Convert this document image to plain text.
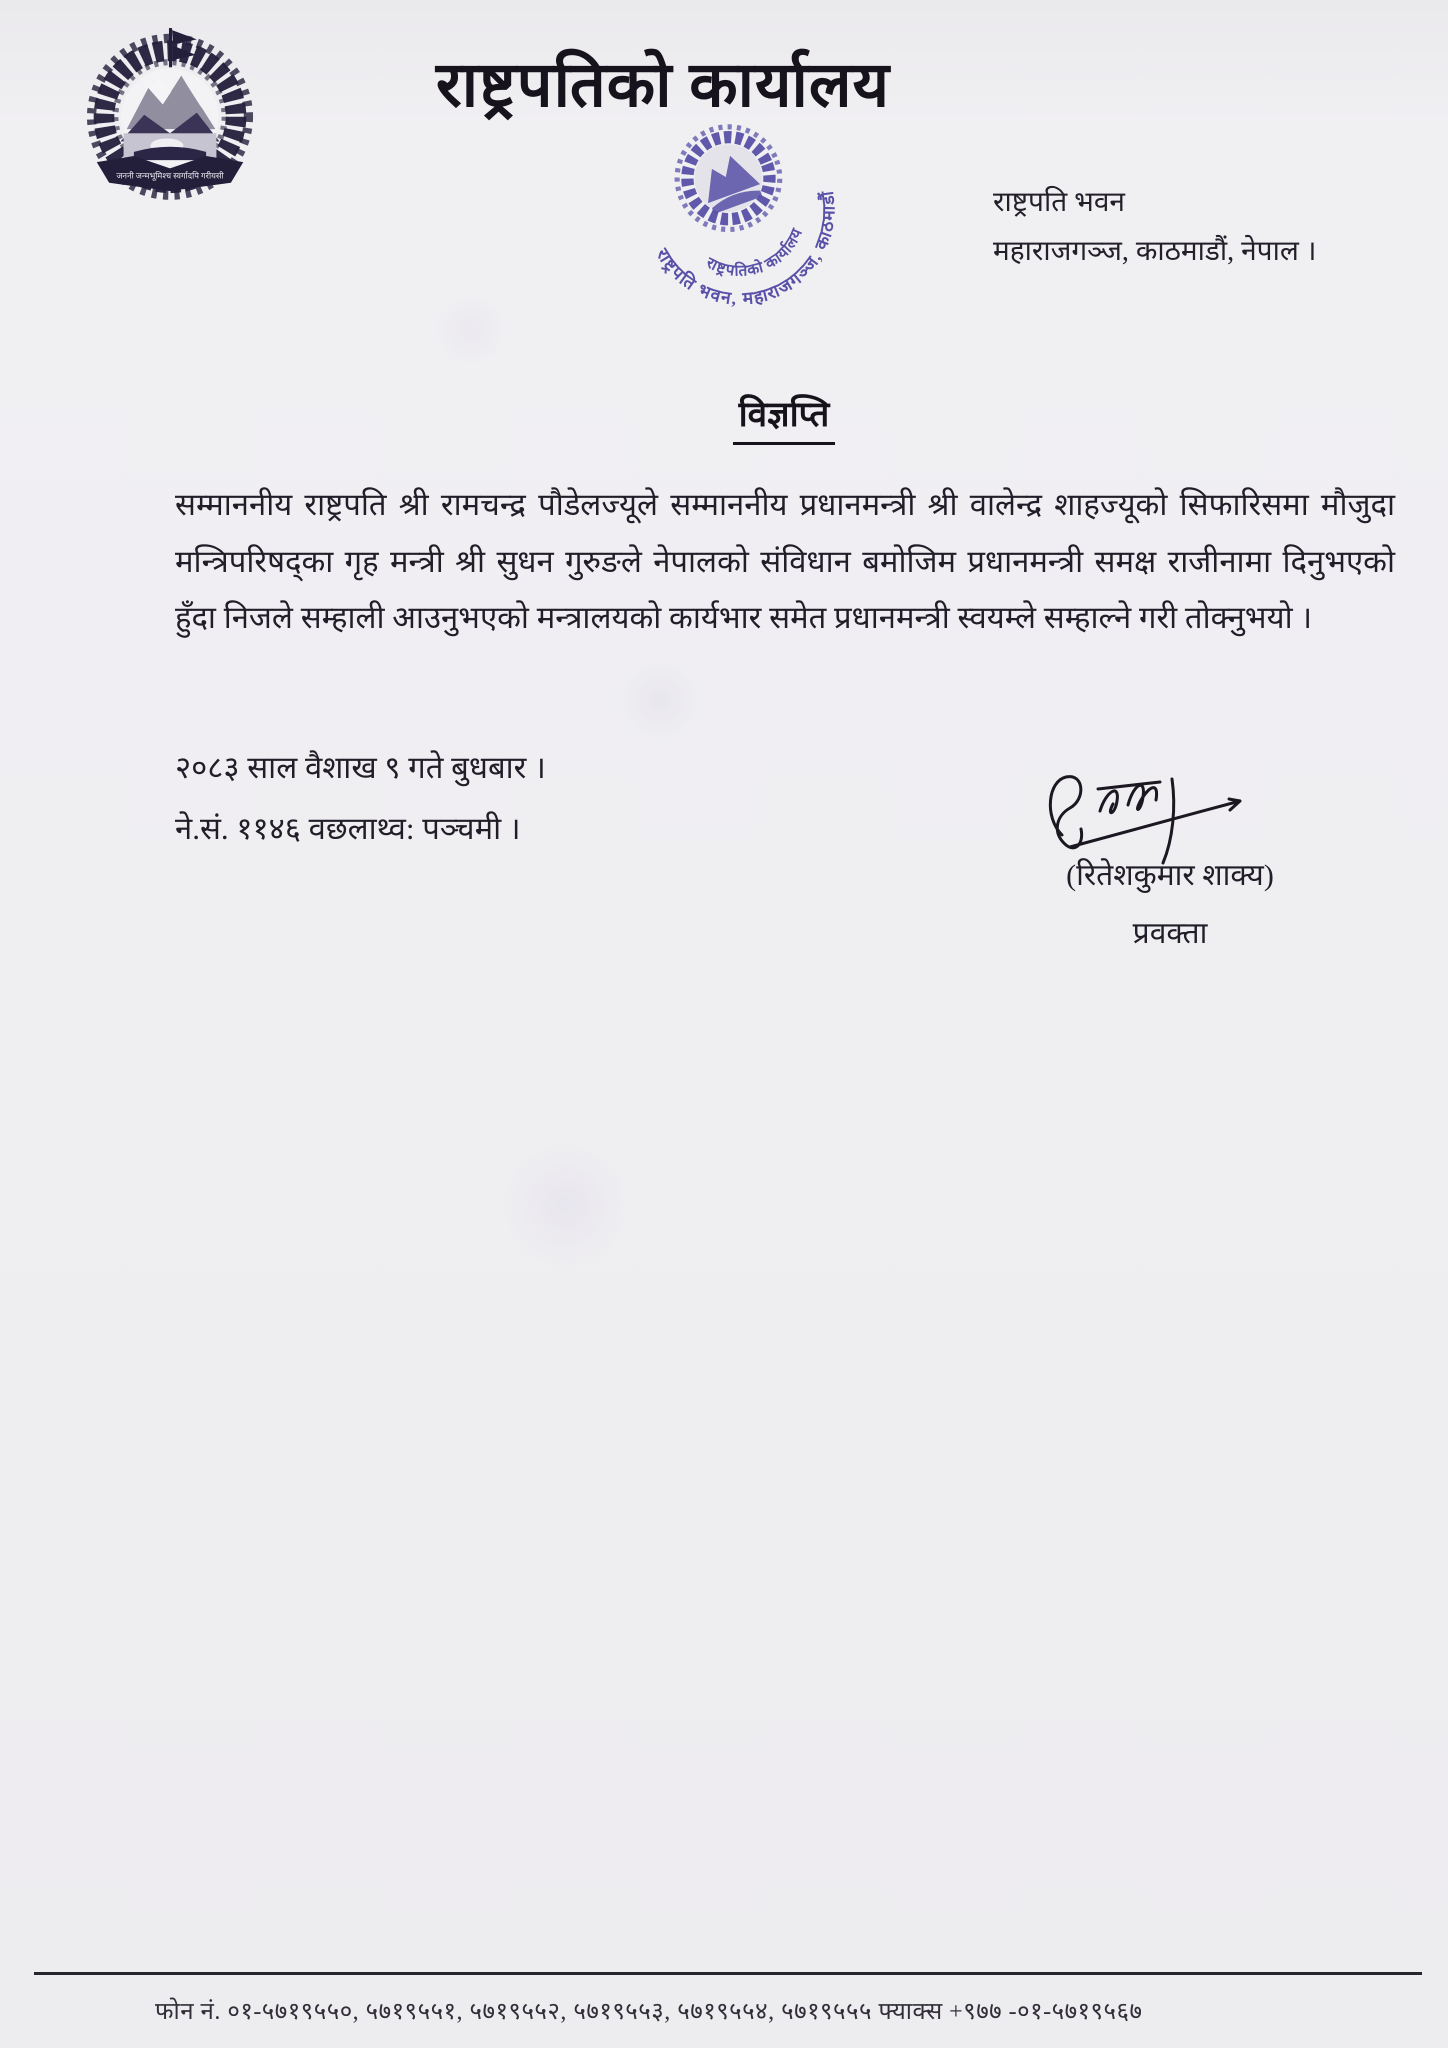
जननी जन्मभूमिश्च स्वर्गादपि गरीयसी
राष्ट्रपतिको कार्यालय
राष्ट्रपति भवन, महाराजगञ्ज, काठमाडौं
राष्ट्रपतिको कार्यालय
राष्ट्रपति भवन
महाराजगञ्ज, काठमाडौं, नेपाल ।
विज्ञप्ति
सम्माननीय राष्ट्रपति श्री रामचन्द्र पौडेलज्यूले सम्माननीय प्रधानमन्त्री श्री वालेन्द्र शाहज्यूको सिफारिसमा मौजुदा मन्त्रिपरिषद्का गृह मन्त्री श्री सुधन गुरुङले नेपालको संविधान बमोजिम प्रधानमन्त्री समक्ष राजीनामा दिनुभएको हुँदा निजले सम्हाली आउनुभएको मन्त्रालयको कार्यभार समेत प्रधानमन्त्री स्वयम्ले सम्हाल्ने गरी तोक्नुभयो ।
२०८३ साल वैशाख ९ गते बुधबार ।
ने.सं. ११४६ वछलाथ्व: पञ्चमी ।
(रितेशकुमार शाक्य)
प्रवक्ता
फोन नं. ०१-५७१९५५०, ५७१९५५१, ५७१९५५२, ५७१९५५३, ५७१९५५४, ५७१९५५५ फ्याक्स +९७७ -०१-५७१९५६७
